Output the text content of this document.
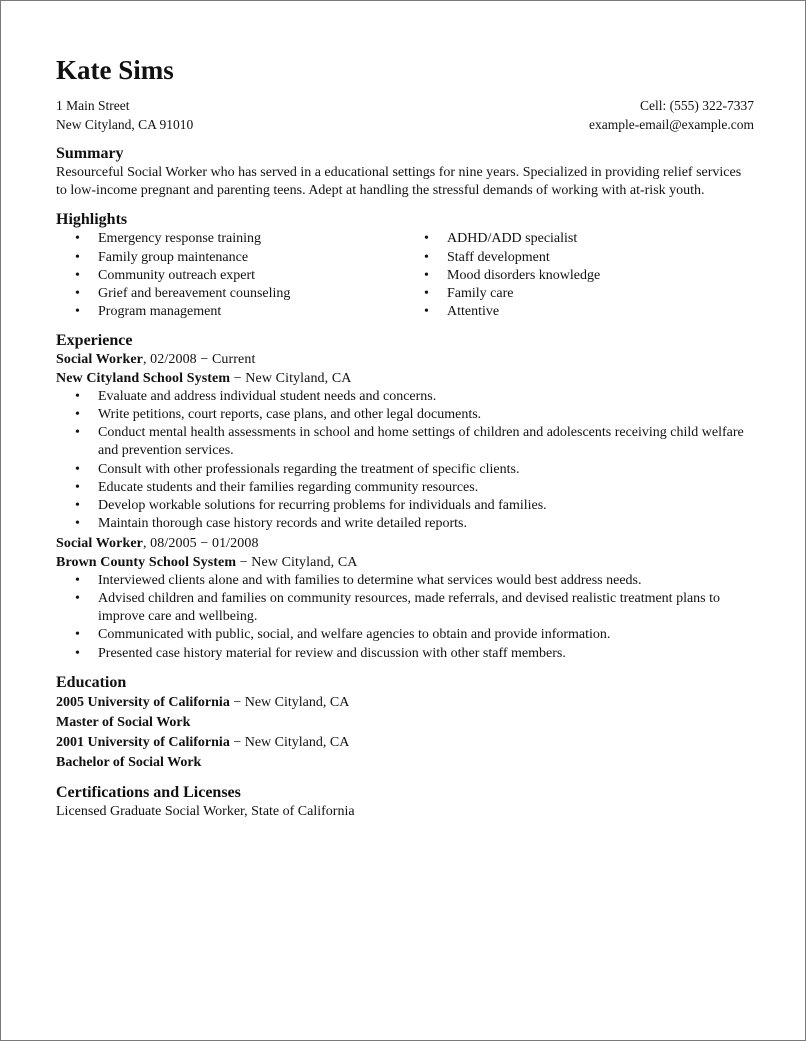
Kate Sims
1 Main Street	Cell: (555) 322-7337
New Cityland, CA 91010	example-email@example.com
Summary

Resourceful Social Worker who has served in a educational settings for nine years. Specialized in providing relief services to low-income pregnant and parenting teens. Adept at handling the stressful demands of working with at-risk youth.

Highlights
• Emergency response training
• Family group maintenance
• Community outreach expert
• Grief and bereavement counseling
• Program management
• ADHD/ADD specialist
• Staff development
• Mood disorders knowledge
• Family care
• Attentive
Experience
Social Worker, 02/2008 − Current
New Cityland School System − New Cityland, CA
• Evaluate and address individual student needs and concerns.
• Write petitions, court reports, case plans, and other legal documents.
• Conduct mental health assessments in school and home settings of children and adolescents receiving child welfare and prevention services.
• Consult with other professionals regarding the treatment of specific clients.
• Educate students and their families regarding community resources.
• Develop workable solutions for recurring problems for individuals and families.
• Maintain thorough case history records and write detailed reports.
Social Worker, 08/2005 − 01/2008
Brown County School System − New Cityland, CA
• Interviewed clients alone and with families to determine what services would best address needs.
• Advised children and families on community resources, made referrals, and devised realistic treatment plans to improve care and wellbeing.
• Communicated with public, social, and welfare agencies to obtain and provide information.
• Presented case history material for review and discussion with other staff members.
Education
2005 University of California − New Cityland, CA
Master of Social Work
2001 University of California − New Cityland, CA
Bachelor of Social Work
Certifications and Licenses
Licensed Graduate Social Worker, State of California
